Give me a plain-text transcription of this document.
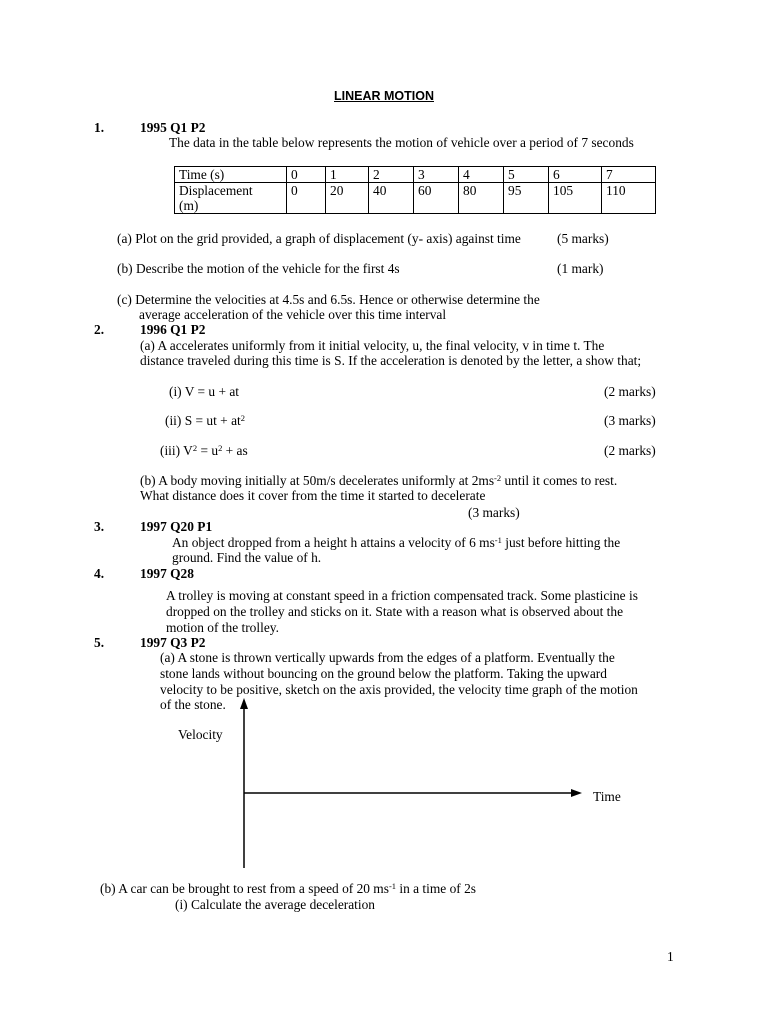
LINEAR MOTION
1.	1995 Q1 P2
The data in the table below represents the motion of vehicle over a period of 7 seconds
Time (s)	0	1	2	3	4	5	6	7
Displacement
(m)	0	20	40	60	80	95	105	110
(a) Plot on the grid provided, a graph of displacement (y- axis) against time	(5 marks)
(b) Describe the motion of the vehicle for the first 4s	(1 mark)
(c) Determine the velocities at 4.5s and 6.5s. Hence or otherwise determine the
average acceleration of the vehicle over this time interval
2.	1996 Q1 P2
(a) A accelerates uniformly from it initial velocity, u, the final velocity, v in time t. The
distance traveled during this time is S. If the acceleration is denoted by the letter, a show that;
(i) V = u + at	(2 marks)
(ii) S = ut + $at^2$	(3 marks)
(iii) $V^2 = u^2$ + as	(2 marks)
(b) A body moving initially at 50m/s decelerates uniformly at $2ms^{-2}$ until it comes to rest.
What distance does it cover from the time it started to decelerate
(3 marks)
3.	1997 Q20 P1
An object dropped from a height h attains a velocity of 6 $ms^{-1}$ just before hitting the
ground. Find the value of h.
4.	1997 Q28
A trolley is moving at constant speed in a friction compensated track. Some plasticine is
dropped on the trolley and sticks on it. State with a reason what is observed about the
motion of the trolley.
5.	1997 Q3 P2
(a) A stone is thrown vertically upwards from the edges of a platform. Eventually the
stone lands without bouncing on the ground below the platform. Taking the upward
velocity to be positive, sketch on the axis provided, the velocity time graph of the motion
of the stone.
Velocity
Time
(b) A car can be brought to rest from a speed of 20 $ms^{-1}$ in a time of 2s
(i) Calculate the average deceleration
1
